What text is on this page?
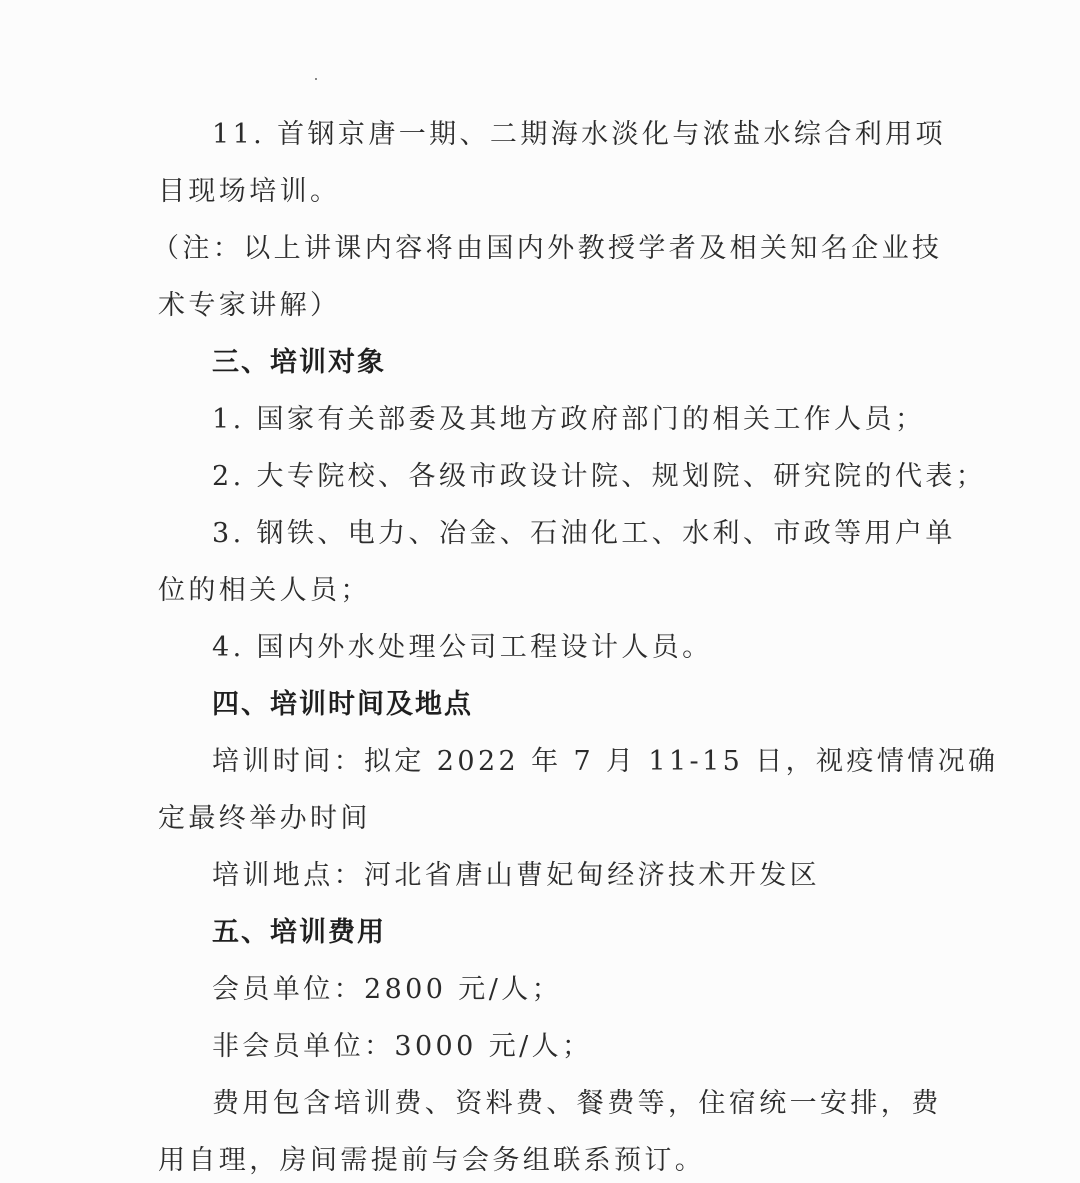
11. 首钢京唐一期、二期海水淡化与浓盐水综合利用项
目现场培训。
（注：以上讲课内容将由国内外教授学者及相关知名企业技
术专家讲解）
三、培训对象
1. 国家有关部委及其地方政府部门的相关工作人员；
2. 大专院校、各级市政设计院、规划院、研究院的代表；
3. 钢铁、电力、冶金、石油化工、水利、市政等用户单
位的相关人员；
4. 国内外水处理公司工程设计人员。
四、培训时间及地点
培训时间：拟定 2022 年 7 月 11-15 日，视疫情情况确
定最终举办时间
培训地点：河北省唐山曹妃甸经济技术开发区
五、培训费用
会员单位：2800 元/人；
非会员单位：3000 元/人；
费用包含培训费、资料费、餐费等，住宿统一安排，费
用自理，房间需提前与会务组联系预订。
